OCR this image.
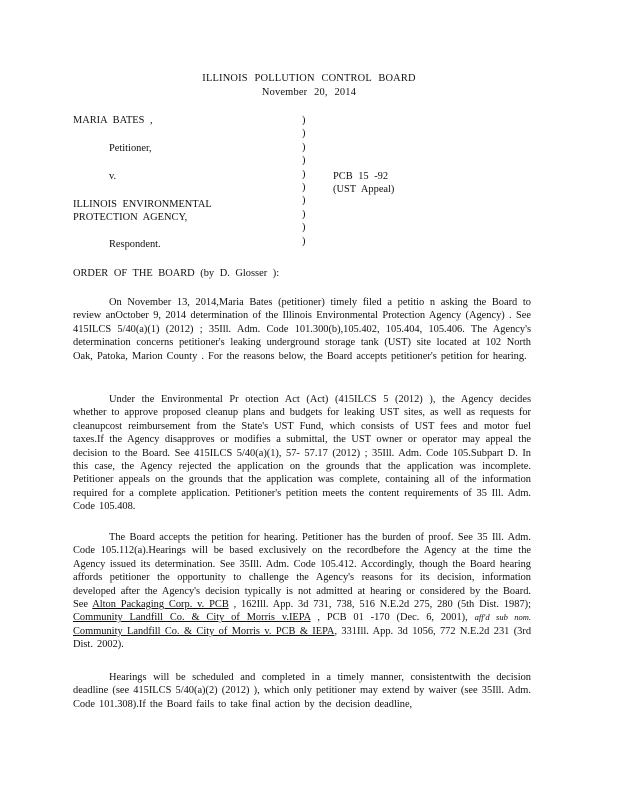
ILLINOIS POLLUTION CONTROL BOARD
November 20, 2014
MARIA BATES ,
Petitioner,
v.
ILLINOIS ENVIRONMENTAL
PROTECTION AGENCY,
Respondent.
)
)
)
)
)
)
)
)
)
)
PCB 15 -92
(UST Appeal)
ORDER OF THE BOARD (by D. Glosser ):
On November 13, 2014,Maria Bates (petitioner) timely filed a petitio n asking the Board to review anOctober 9, 2014 determination of the Illinois Environmental Protection Agency (Agency) . See 415ILCS 5/40(a)(1) (2012) ; 35Ill. Adm. Code 101.300(b),105.402, 105.404, 105.406. The Agency's determination concerns petitioner's leaking underground storage tank (UST) site located at 102 North Oak, Patoka, Marion County . For the reasons below, the Board accepts petitioner's petition for hearing.
Under the Environmental Pr otection Act (Act) (415ILCS 5 (2012) ), the Agency decides whether to approve proposed cleanup plans and budgets for leaking UST sites, as well as requests for cleanupcost reimbursement from the State's UST Fund, which consists of UST fees and motor fuel taxes.If the Agency disapproves or modifies a submittal, the UST owner or operator may appeal the decision to the Board. See 415ILCS 5/40(a)(1), 57- 57.17 (2012) ; 35Ill. Adm. Code 105.Subpart D. In this case, the Agency rejected the application on the grounds that the application was incomplete. Petitioner appeals on the grounds that the application was complete, containing all of the information required for a complete application. Petitioner's petition meets the content requirements of 35 Ill. Adm. Code 105.408.
The Board accepts the petition for hearing. Petitioner has the burden of proof. See 35 Ill. Adm. Code 105.112(a).Hearings will be based exclusively on the recordbefore the Agency at the time the Agency issued its determination. See 35Ill. Adm. Code 105.412. Accordingly, though the Board hearing affords petitioner the opportunity to challenge the Agency's reasons for its decision, information developed after the Agency's decision typically is not admitted at hearing or considered by the Board. See Alton Packaging Corp. v. PCB , 162Ill. App. 3d 731, 738, 516 N.E.2d 275, 280 (5th Dist. 1987); Community Landfill Co. & City of Morris v.IEPA , PCB 01 -170 (Dec. 6, 2001), aff'd sub nom. Community Landfill Co. & City of Morris v. PCB & IEPA, 331Ill. App. 3d 1056, 772 N.E.2d 231 (3rd Dist. 2002).
Hearings will be scheduled and completed in a timely manner, consistentwith the decision deadline (see 415ILCS 5/40(a)(2) (2012) ), which only petitioner may extend by waiver (see 35Ill. Adm. Code 101.308).If the Board fails to take final action by the decision deadline,
